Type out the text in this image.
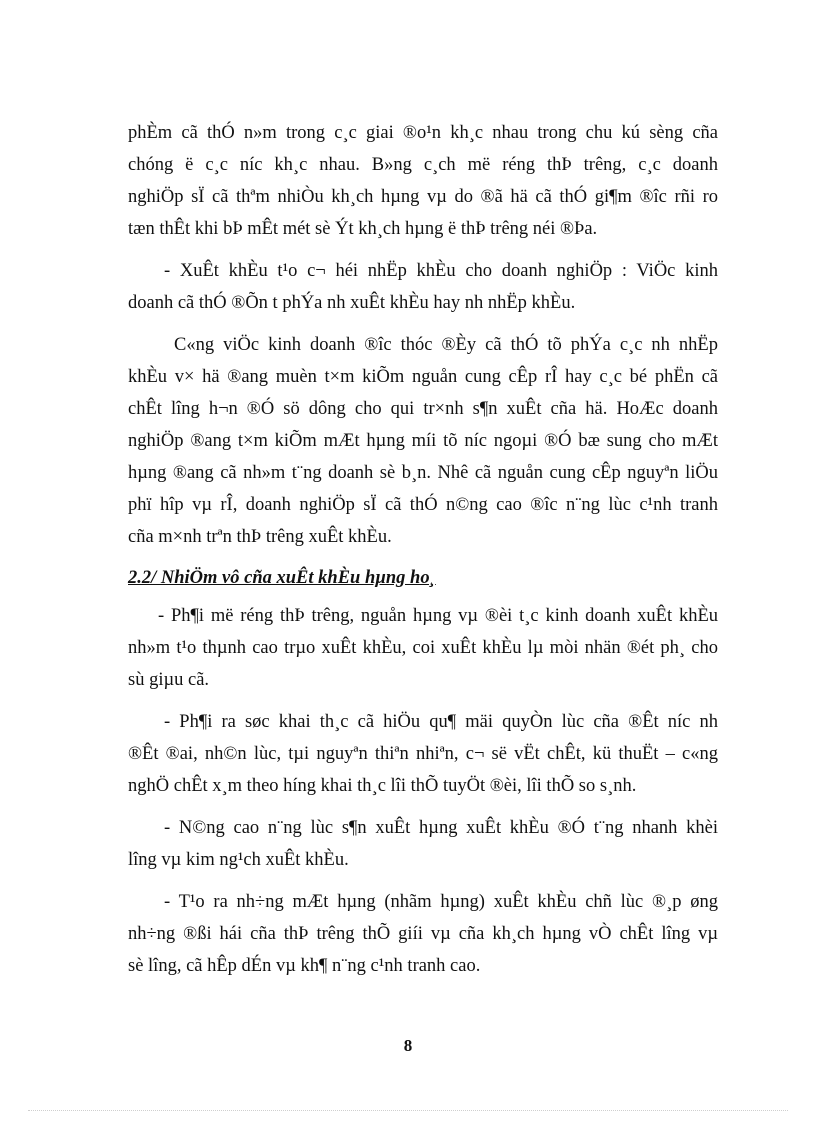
phÈm cã thÓ n»m trong c¸c giai ®o¹n kh¸c nhau trong chu kú sèng cña
chóng ë c¸c níc kh¸c nhau. B»ng c¸ch më réng thÞ trêng, c¸c doanh
nghiÖp sÏ cã thªm nhiÒu kh¸ch hµng vµ do ®ã hä cã thÓ gi¶m ®îc rñi ro
tæn thÊt khi bÞ mÊt mét sè Ýt kh¸ch hµng ë thÞ trêng néi ®Þa.
- XuÊt khÈu t¹o c¬ héi nhËp khÈu cho doanh nghiÖp : ViÖc kinh
doanh cã thÓ ®Õn t phÝa nh xuÊt khÈu hay nh nhËp khÈu.
C«ng viÖc kinh doanh ®îc thóc ®Èy cã thÓ tõ phÝa c¸c nh nhËp
khÈu v× hä ®ang muèn t×m kiÕm nguån cung cÊp rÎ hay c¸c bé phËn cã
chÊt lîng h¬n ®Ó sö dông cho qui tr×nh s¶n xuÊt cña hä. HoÆc doanh
nghiÖp ®ang t×m kiÕm mÆt hµng míi tõ níc ngoµi ®Ó bæ sung cho mÆt
hµng ®ang cã nh»m t¨ng doanh sè b¸n. Nhê cã nguån cung cÊp nguyªn liÖu
phï hîp vµ rÎ, doanh nghiÖp sÏ cã thÓ n©ng cao ®îc n¨ng lùc c¹nh tranh
cña m×nh trªn thÞ trêng xuÊt khÈu.
2.2/ NhiÖm vô cña xuÊt khÈu hµng ho¸
- Ph¶i më réng thÞ trêng, nguån hµng vµ ®èi t¸c kinh doanh xuÊt khÈu
nh»m t¹o thµnh cao trµo xuÊt khÈu, coi xuÊt khÈu lµ mòi nhän ®ét ph¸ cho
sù giµu cã.
- Ph¶i ra søc khai th¸c cã hiÖu qu¶ mäi quyÒn lùc cña ®Êt níc nh
®Êt ®ai, nh©n lùc, tµi nguyªn thiªn nhiªn, c¬ së vËt chÊt, kü thuËt – c«ng
nghÖ chÊt x¸m theo híng khai th¸c lîi thÕ tuyÖt ®èi, lîi thÕ so s¸nh.
- N©ng cao n¨ng lùc s¶n xuÊt hµng xuÊt khÈu ®Ó t¨ng nhanh khèi
lîng vµ kim ng¹ch xuÊt khÈu.
- T¹o ra nh÷ng mÆt hµng (nhãm hµng) xuÊt khÈu chñ lùc ®¸p øng
nh÷ng ®ßi hái cña thÞ trêng thÕ giíi vµ cña kh¸ch hµng vÒ chÊt lîng vµ
sè lîng, cã hÊp dÉn vµ kh¶ n¨ng c¹nh tranh cao.
8
